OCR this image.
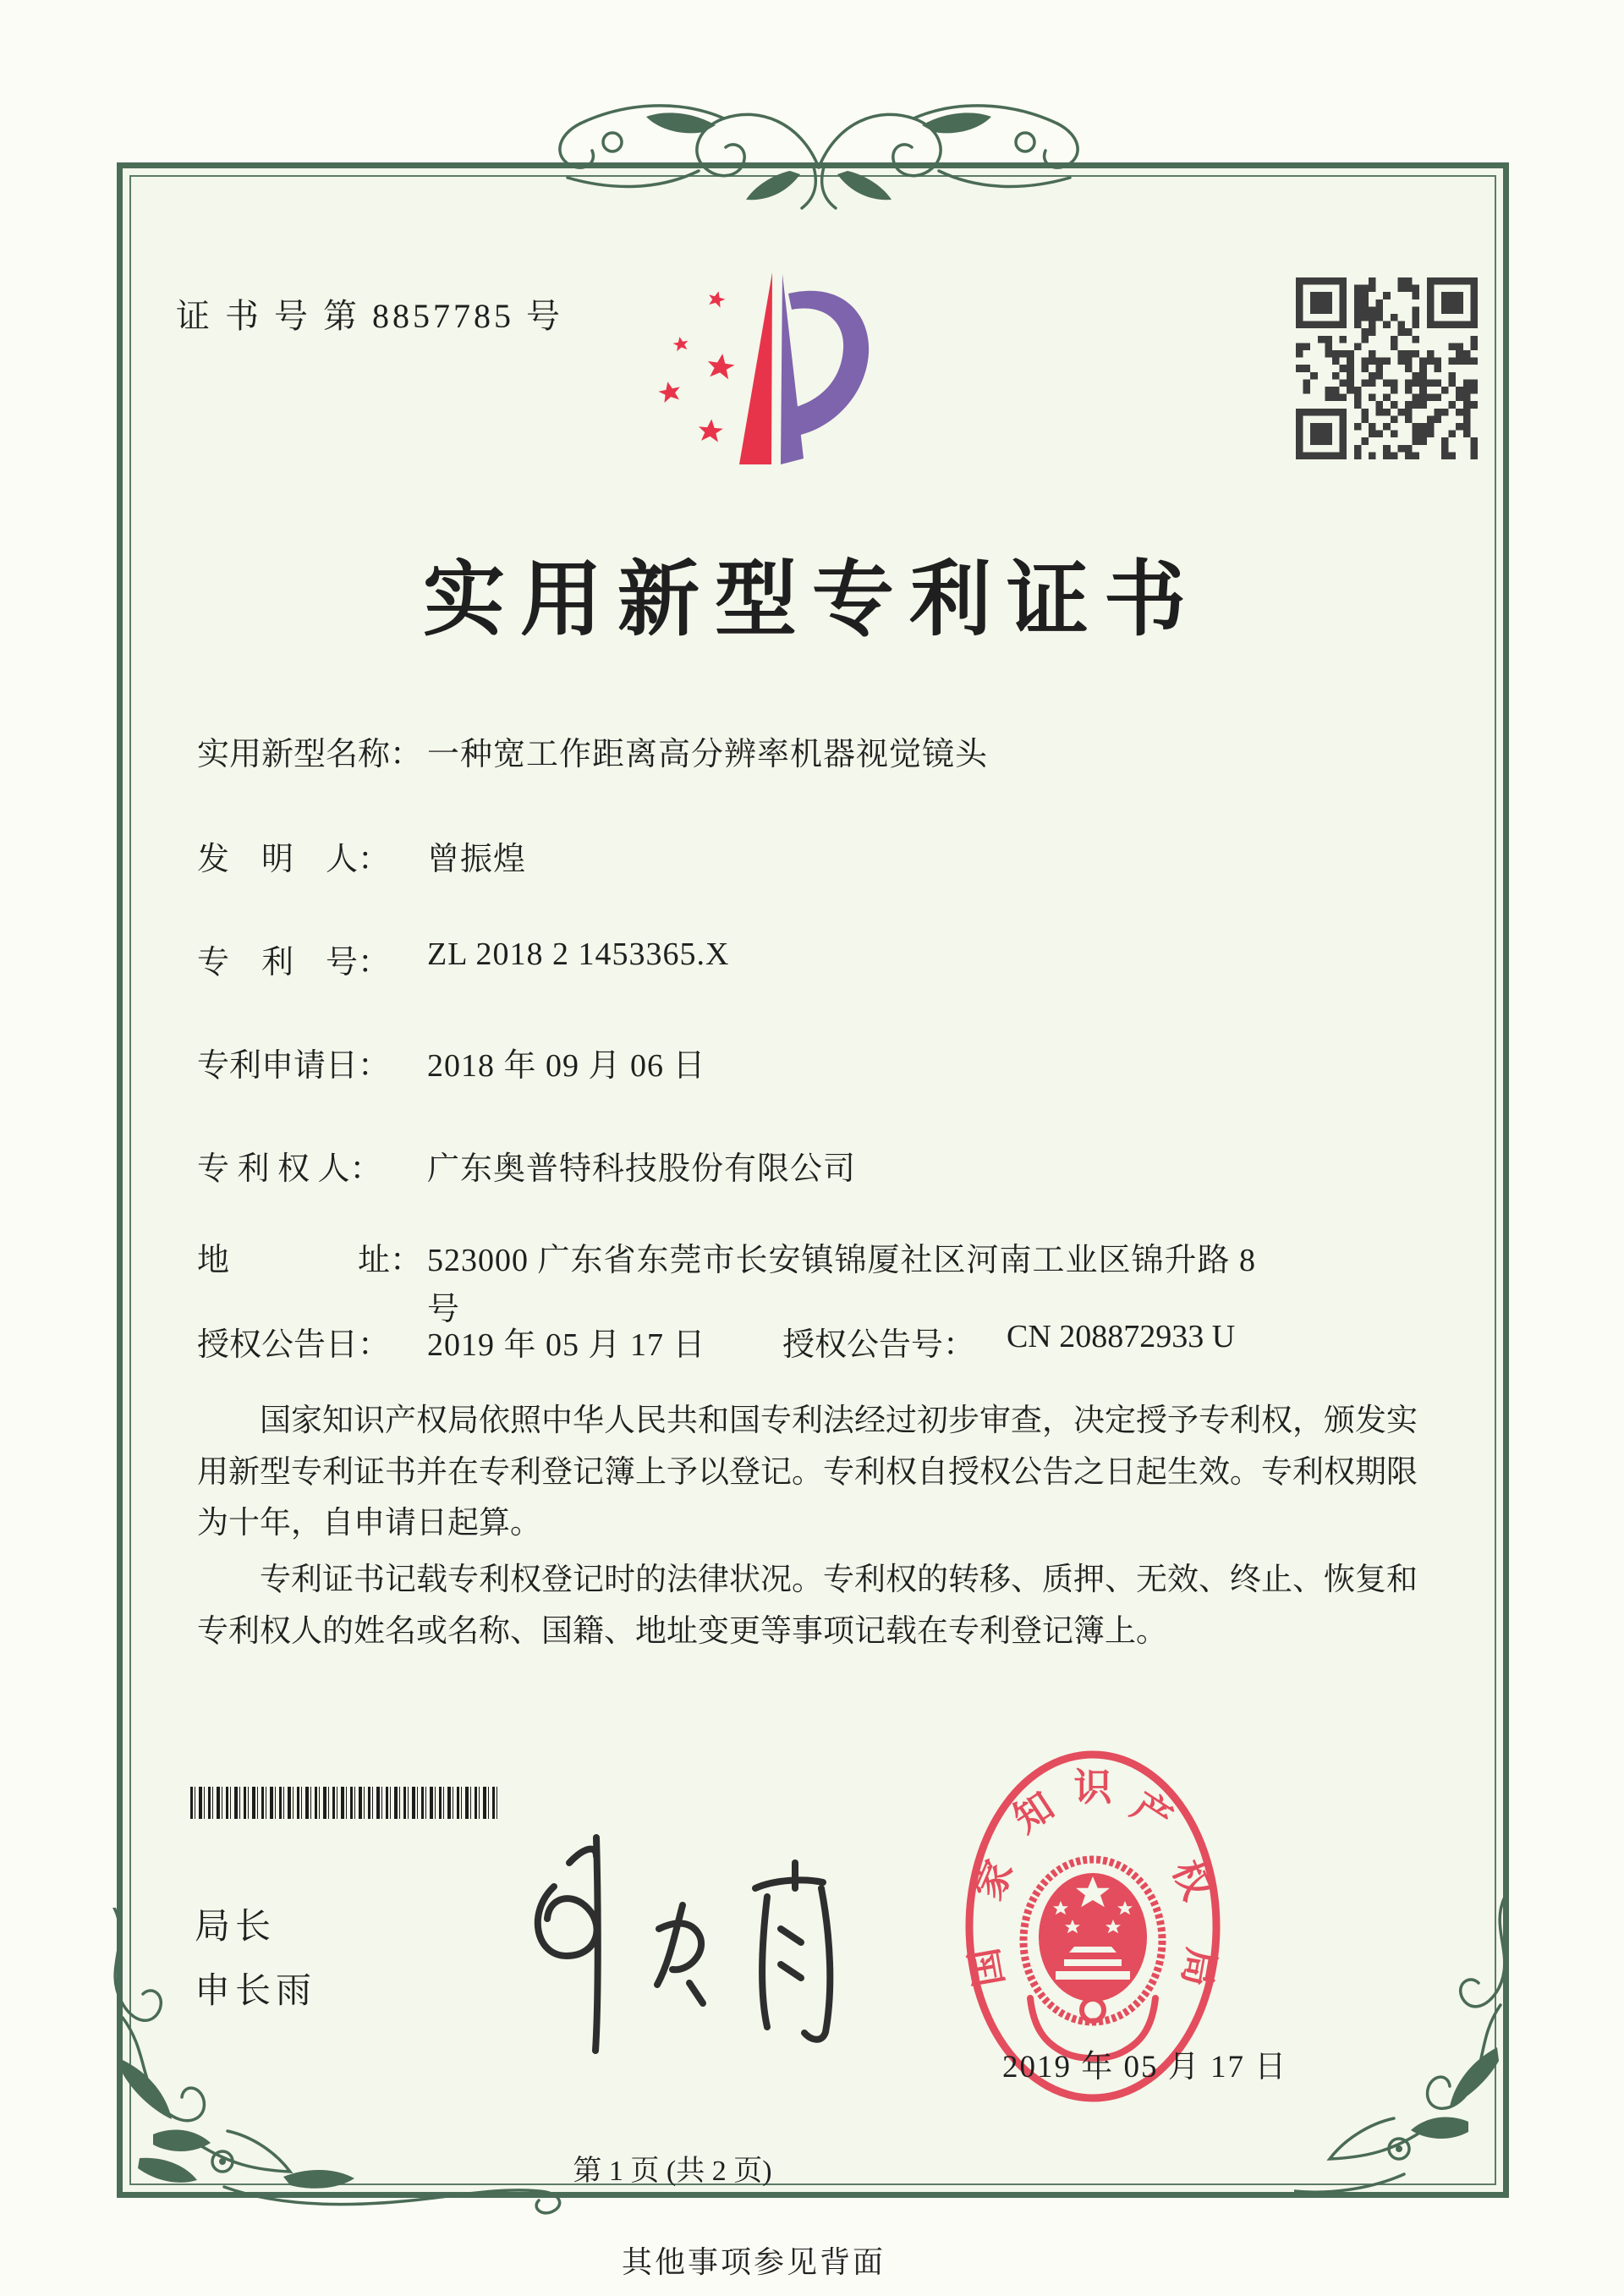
证 书 号 第 8857785 号
实用新型专利证书
实用新型名称： 一种宽工作距离高分辨率机器视觉镜头
发　明　人： 曾振煌
专　利　号： ZL 2018 2 1453365.X
专利申请日： 2018 年 09 月 06 日
专 利 权 人： 广东奥普特科技股份有限公司
地　　　　址： 523000 广东省东莞市长安镇锦厦社区河南工业区锦升路 8
号
授权公告日： 2019 年 05 月 17 日	授权公告号： CN 208872933 U

国家知识产权局依照中华人民共和国专利法经过初步审查，决定授予专利权，颁发实用新型专利证书并在专利登记簿上予以登记。专利权自授权公告之日起生效。专利权期限为十年，自申请日起算。

专利证书记载专利权登记时的法律状况。专利权的转移、质押、无效、终止、恢复和专利权人的姓名或名称、国籍、地址变更等事项记载在专利登记簿上。

局长
申长雨
国
家
知 识 产
权
局
2019 年 05 月 17 日
第 1 页 (共 2 页)
其他事项参见背面
